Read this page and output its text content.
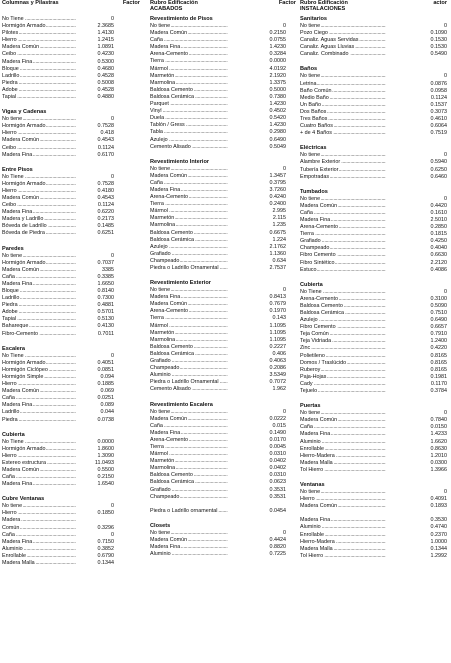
Columnas y Pilastras	Factor
No Tiene .....	0
Hormigón Armado .....	2.3685
Pilotes .....	1.4130
Hierro .....	1.2415
Madera Común .....	1.0891
Ceibo .....	0.4230
Madera Fina .....	0.5300
Bloque .....	0.4680
Ladrillo .....	0.4528
Piedra .....	0.5008
Adobe .....	0.4528
Tapial .....	0.4880
Vigas y Cadenas
No tiene .....	0
Hormigón Armado .....	0.7528
Hierro .....	0.418
Madera Común .....	0.4543
Ceibo .....	0.1124
Madera Fina .....	0.6170
Entre Pisos
No Tiene .....	0
Hormigón Armado .....	0.7528
Hierro .....	0.4180
Madera Común .....	0.4543
Ceibo .....	0.1124
Madera Fina .....	0.6220
Madera y Ladrillo .....	0.2173
Bóveda de Ladrillo .....	0.1485
Bóveda de Piedra .....	0.6251
Paredes
No tiene .....	0
Hormigón Armado .....	0.7037
Madera Común .....	3385
Caña .....	0.3385
Madera Fina .....	1.6650
Bloque .....	0.8140
Ladrillo .....	0.7300
Piedra .....	0.4881
Adobe .....	0.5701
Tapial .....	0.5130
Bahareque .....	0.4130
Fibro-Cemento .....	0.7011
Escalera
No Tiene .....	0
Hormigón Armado .....	0.4051
Hormigón Ciclópeo .....	0.0851
Hormigón Simple .....	0.094
Hierro .....	0.1885
Madera Común .....	0.069
Caña .....	0.0251
Madera Fina .....	0.089
Ladrillo .....	0.044
Piedra .....	0.0738
Cubierta
No Tiene .....	0.0000
Hormigón Armado .....	1.8600
Hierro .....	1.3090
Estereo estructura .....	11.0493
Madera Común .....	0.5500
Caña .....	0.2150
Madera Fina .....	1.6540
Cubre Ventanas
No tiene .....	0
Hierro .....	0.1850
Madera .....
Común .....	0.3296
Caña .....	0
Madera Fina .....	0.7150
Aluminio .....	0.3852
Enrollable .....	0.6790
Madera Malla .....	0.1344
Rubro Edificación
ACABADOS
Factor
Revestimiento de Pisos
No tiene .....	0
Madera Común .....	0.2150
Caña .....	0.0755
Madera Fina .....	1.4230
Arena-Cemento .....	0.3284
Tierra .....	0.0000
Mármol .....	4.0192
Marmetón .....	2.1920
Marmolina .....	1.3375
Baldosa Cemento .....	0.5000
Baldosa Cerámica .....	0.7380
Parquet .....	1.4230
Vinyl .....	0.4502
Duela .....	0.5420
Tablón / Gress .....	1.4230
Tabla .....	0.2980
Azulejo .....	0.6490
Cemento Alisado .....	0.5049
Revestimiento Interior
No tiene .....	0
Madera Común .....	1.3457
Caña .....	0.3795
Madera Fina .....	3.7260
Arena-Cemento .....	0.4240
Tierra .....	0.2400
Mármol .....	2.995
Marmetón .....	2.115
Marmolina .....	1.235
Baldosa Cemento .....	0.6675
Baldosa Cerámica .....	1.224
Azulejo .....	2.1762
Grafiado .....	1.1360
Champeado .....	0.634
Piedra o Ladrillo Ornamental .....	2.7537
Revestimiento Exterior
No tiene .....	0
Madera Fina .....	0.8413
Madera Común .....	0.7679
Arena-Cemento .....	0.1970
Tierra .....	0.143
Mármol .....	1.1095
Marmetón .....	1.1095
Marmolina .....	1.1095
Baldosa Cemento .....	0.2227
Baldosa Cerámica .....	0.406
Grafiado .....	0.4063
Champeado .....	0.2086
Aluminio .....	3.5349
Piedra o Ladrillo Ornamental .....	0.7072
Cemento Alisado .....	1.962
Revestimiento Escalera
No tiene .....	0
Madera Común .....	0.0222
Caña .....	0.015
Madera Fina .....	0.1490
Arena-Cemento .....	0.0170
Tierra .....	0.0045
Mármol .....	0.0310
Marmetón .....	0.0402
Marmolina .....	0.0402
Baldosa Cemento .....	0.0310
Baldosa Cerámica .....	0.0623
Grafiado .....	0.3531
Champeado .....	0.3531
Piedra o Ladrillo ornamental .....	0.0454
Closets
No tiene .....	0
Madera Común .....	0.4424
Madera Fina .....	0.8820
Aluminio .....	0.7225
Rubro Edificación
INSTALACIONES
actor
Sanitarios
No tiene .....	0
Pozo Ciego .....	0.1090
Canaliz. Aguas Servidas .....	0.1530
Canaliz. Aguas Lluvias .....	0.1530
Canaliz. Combinado .....	0.5490
Baños
No tiene .....	0
Letrina .....	0.0876
Baño Común .....	0.0958
Medio Baño .....	0.1124
Un Baño .....	0.1537
Dos Baños .....	0.3073
Tres Baños .....	0.4610
Cuatro Baños .....	0.6064
+ de 4 Baños .....	0.7519
Eléctricas
No tiene .....	0
Alambre Exterior .....	0.5940
Tubería Exterior .....	0.6250
Empotradas .....	0.6460
Tumbados
No tiene .....	0
Madera Común .....	0.4420
Caña .....	0.1610
Madera Fina .....	2.5010
Arena-Cemento .....	0.2850
Tierra .....	0.1815
Grafiado .....	0.4250
Champeado .....	0.4040
Fibro Cemento .....	0.6630
Fibro Sintético .....	2.2120
Estuco .....	0.4086
Cubierta
No Tiene .....	0
Arena-Cemento .....	0.3100
Baldosa Cemento .....	0.5090
Baldosa Cerámica .....	0.7510
Azulejo .....	0.6490
Fibro Cemento .....	0.6657
Teja Común .....	0.7910
Teja Vidriada .....	1.2400
Zinc .....	0.4220
Polietileno .....	0.8165
Domos / Traslúcido .....	0.8165
Ruberoy .....	0.8165
Paja-Hojas .....	0.1981
Cady .....	0.1170
Tejuelo .....	0.3784
Puertas
No tiene .....	0
Madera Común .....	0.7840
Caña .....	0.0150
Madera Fina .....	1.4233
Aluminio .....	1.6620
Enrollable .....	0.8630
Hierro-Madera .....	1.2010
Madera Malla .....	0.0300
Tol Hierro .....	1.3966
Ventanas
No tiene .....	0
Hierro .....	0.4091
Madera Común .....	0.1893
Madera Fina .....	0.3530
Aluminio .....	0.4740
Enrollable .....	0.2370
Hierro-Madera .....	1.0000
Madera Malla .....	0.1344
Tol Hierro .....	1.2992
